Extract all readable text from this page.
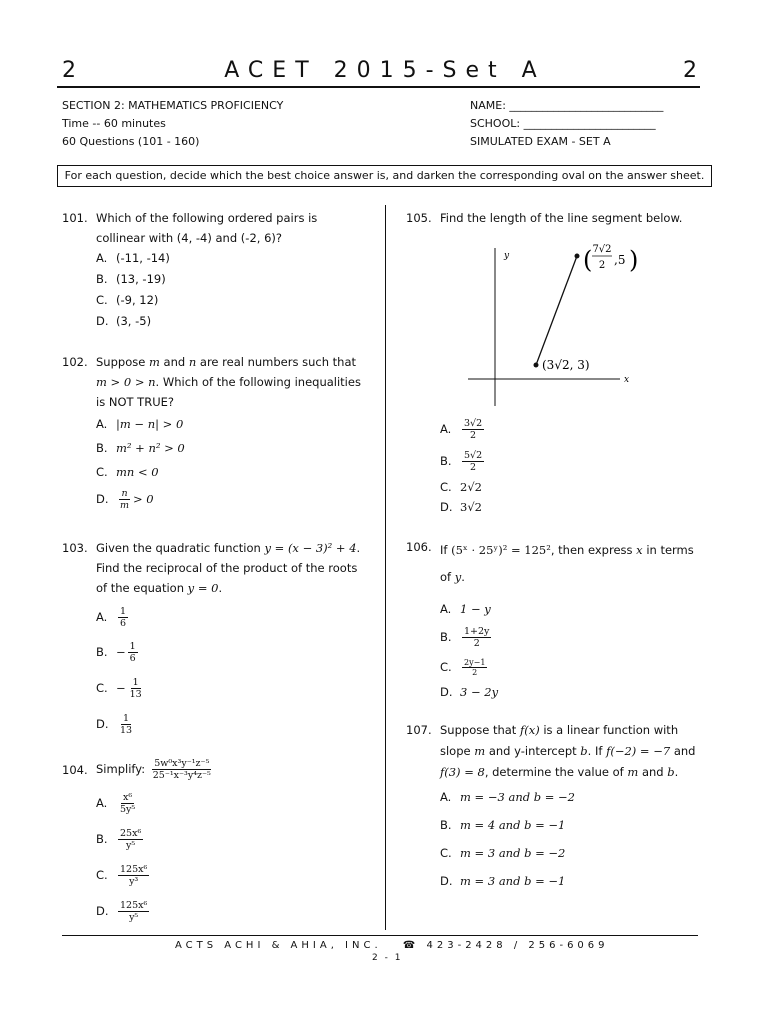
2	ACET 2015-Set A	2
SECTION 2: MATHEMATICS PROFICIENCY
Time -- 60 minutes
60 Questions (101 - 160)
NAME: ____________________________
SCHOOL: ________________________
SIMULATED EXAM - SET A
For each question, decide which the best choice answer is, and darken the corresponding oval on the answer sheet.
101. Which of the following ordered pairs is collinear with (4, -4) and (-2, 6)?
A. (-11, -14)
B. (13, -19)
C. (-9, 12)
D. (3, -5)
102. Suppose m and n are real numbers such that m > 0 > n. Which of the following inequalities is NOT TRUE?
A. |m − n| > 0
B. m² + n² > 0
C. mn < 0
D. $\frac{n}{m} > 0$
103. Given the quadratic function y = (x − 3)² + 4. Find the reciprocal of the product of the roots of the equation y = 0.
A.	$\frac{1}{6}$
B. − $\frac{1}{6}$
C. − $\frac{1}{13}$
D. $\frac{1}{13}$
104. Simplify: $\frac{\text{5w⁰x³y⁻¹z⁻⁵}}{\text{25⁻¹x⁻³y⁴z⁻⁵}}$
A.	$\frac{\text{x⁶}}{\text{5y⁵}}$
B.	$\frac{\text{25x⁶}}{\text{y⁵}}$
C.	$\frac{\text{125x⁶}}{\text{y³}}$
D. $\frac{\text{125x⁶}}{\text{y⁵}}$
105. Find the length of the line segment below.
y
x
(3√2, 3)
( 7√2
2 ,5 )
A.	$\frac{3√2}{2}$
B.	$\frac{5√2}{2}$
C. 2√2
D. 3√2
106. If (5ˣ · 25ʸ)² = 125², then express x in terms of y.
A. 1 − y
B.	$\frac{1+2y}{2}$
C.	$\frac{2y-1}{2}$
D. 3 − 2y
107. Suppose that f(x) is a linear function with slope m and y-intercept b. If f(−2) = −7 and f(3) = 8, determine the value of m and b.
A. m = −3 and b = −2
B. m = 4 and b = −1
C. m = 3 and b = −2
D. m = 3 and b = −1
ACTS ACHI & AHIA, INC. ☎ 423-2428 / 256-6069
2 - 1
